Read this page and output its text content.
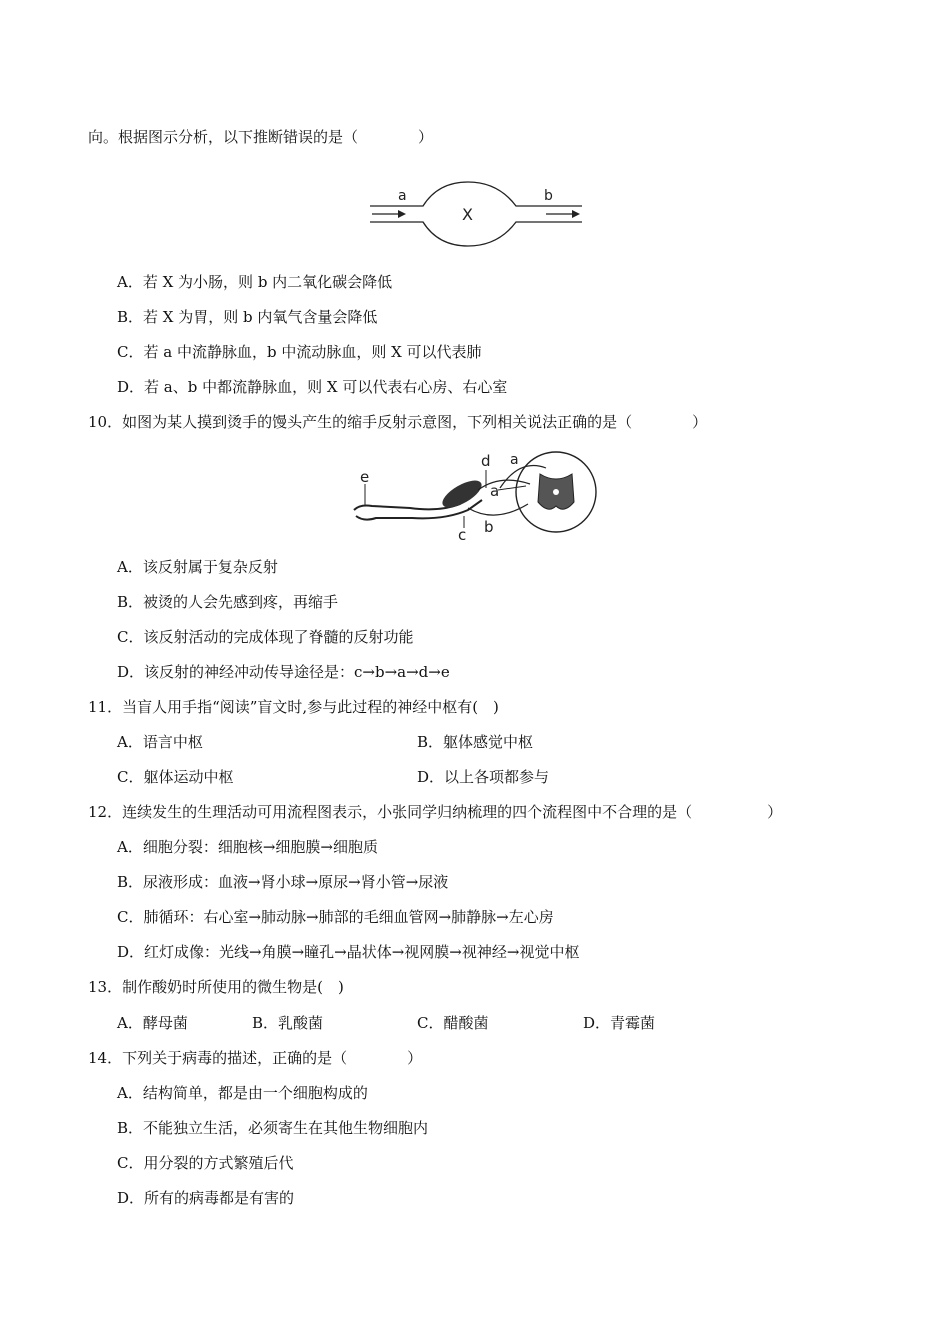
向。根据图示分析，以下推断错误的是（　　　　）
a	b
X
A．若 X 为小肠，则 b 内二氧化碳会降低
B．若 X 为胃，则 b 内氧气含量会降低
C．若 a 中流静脉血，b 中流动脉血，则 X 可以代表肺
D．若 a、b 中都流静脉血，则 X 可以代表右心房、右心室
10．如图为某人摸到烫手的馒头产生的缩手反射示意图，下列相关说法正确的是（　　　　）
e
d a
a
b
c
A．该反射属于复杂反射
B．被烫的人会先感到疼，再缩手
C．该反射活动的完成体现了脊髓的反射功能
D．该反射的神经冲动传导途径是：c→b→a→d→e
11．当盲人用手指“阅读”盲文时,参与此过程的神经中枢有(　)
A．语言中枢	B．躯体感觉中枢
C．躯体运动中枢	D．以上各项都参与
12．连续发生的生理活动可用流程图表示，小张同学归纳梳理的四个流程图中不合理的是（　　　　　）
A．细胞分裂：细胞核→细胞膜→细胞质
B．尿液形成：血液→肾小球→原尿→肾小管→尿液
C．肺循环：右心室→肺动脉→肺部的毛细血管网→肺静脉→左心房
D．红灯成像：光线→角膜→瞳孔→晶状体→视网膜→视神经→视觉中枢
13．制作酸奶时所使用的微生物是(　)
A．酵母菌	B．乳酸菌	C．醋酸菌	D．青霉菌
14．下列关于病毒的描述，正确的是（　　　　）
A．结构简单，都是由一个细胞构成的
B．不能独立生活，必须寄生在其他生物细胞内
C．用分裂的方式繁殖后代
D．所有的病毒都是有害的
